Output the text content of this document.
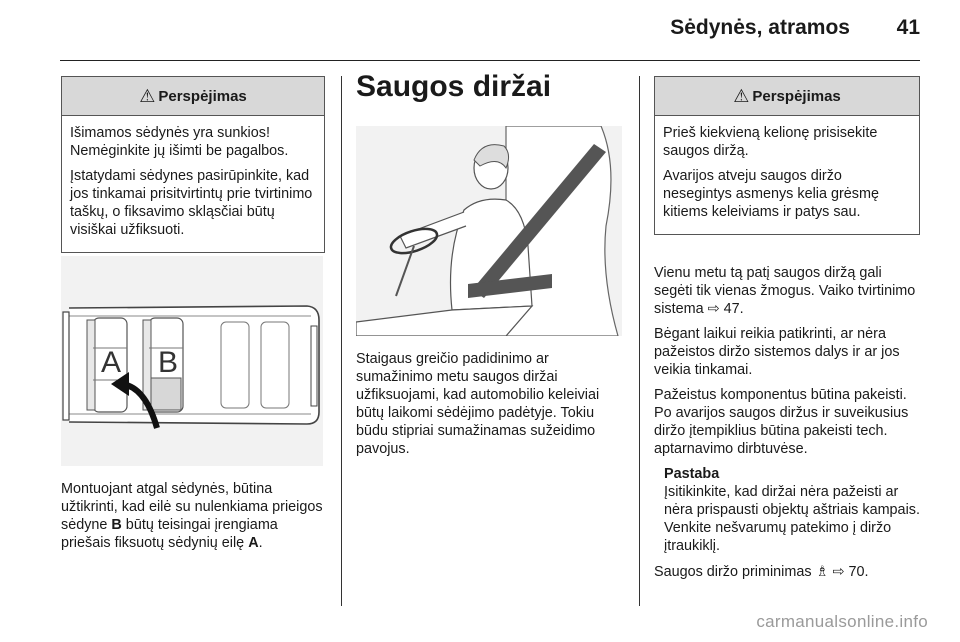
Sėdynės, atramos	41
⚠ Perspėjimas

Išimamos sėdynės yra sunkios! Nemėginkite jų išimti be pagalbos.

Įstatydami sėdynes pasirūpinkite, kad jos tinkamai prisitvirtintų prie tvirtinimo taškų, o fiksavimo skląsčiai būtų visiškai užfiksuoti.

A B
Montuojant atgal sėdynės, būtina užtikrinti, kad eilė su nulenkiama prieigos sėdyne B būtų teisingai įrengiama priešais fiksuotų sėdynių eilę A.
Saugos diržai

Staigaus greičio padidinimo ar sumažinimo metu saugos diržai užfiksuojami, kad automobilio keleiviai būtų laikomi sėdėjimo padėtyje. Tokiu būdu stipriai sumažinamas sužeidimo pavojus.

⚠ Perspėjimas

Prieš kiekvieną kelionę prisisekite saugos diržą.

Avarijos atveju saugos diržo nesegintys asmenys kelia grėsmę kitiems keleiviams ir patys sau.

Vienu metu tą patį saugos diržą gali segėti tik vienas žmogus. Vaiko tvirtinimo sistema ⇨ 47.

Bėgant laikui reikia patikrinti, ar nėra pažeistos diržo sistemos dalys ir ar jos veikia tinkamai.

Pažeistus komponentus būtina pakeisti. Po avarijos saugos diržus ir suveikusius diržo įtempiklius būtina pakeisti tech. aptarnavimo dirbtuvėse.

Pastaba
Įsitikinkite, kad diržai nėra pažeisti ar nėra prispausti objektų aštriais kampais. Venkite nešvarumų patekimo į diržo įtraukiklį.

Saugos diržo priminimas ♗ ⇨ 70.

carmanualsonline.info
